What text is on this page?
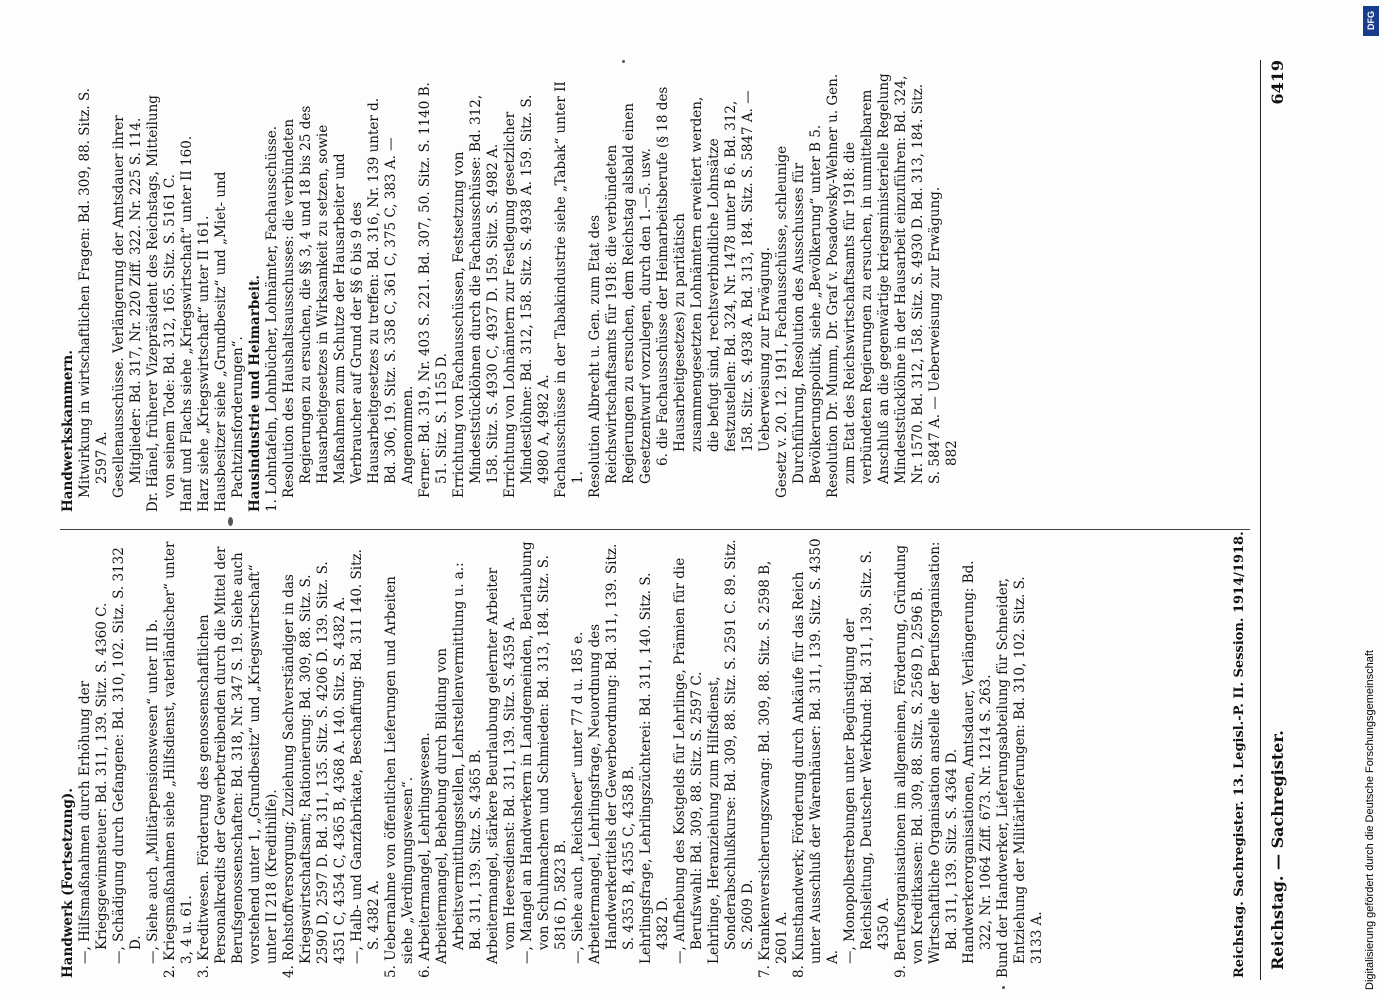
Reichstag. — Sachregister.
6419

Handwerk (Fortsetzung). —, Hilfsmaßnahmen durch Erhöhung der Kriegsgewinnsteuer: Bd. 311, 139. Sitz. S. 4360 C. —, Schädigung durch Gefangene: Bd. 310, 102. Sitz. S. 3132 D. —, Siehe auch „Militärpensionswesen“ unter III b. 2. Kriegsmaßnahmen siehe „Hilfsdienst, vaterländischer“ unter 3, 4 u. 61. 3. Kreditwesen. Förderung des genossenschaftlichen Personalkredits der Gewerbetreibenden durch die Mittel der Berufsgenossenschaften: Bd. 318, Nr. 347 S. 19. Siehe auch vorstehend unter 1, „Grundbesitz“ und „Kriegswirtschaft“ unter II 218 (Kredithilfe). 4. Rohstoffversorgung; Zuziehung Sachverständiger in das Kriegswirtschaftsamt; Rationierung: Bd. 309, 88. Sitz. S. 2590 D, 2597 D. Bd. 311, 135. Sitz. S. 4206 D. 139. Sitz. S. 4351 C, 4354 C, 4365 B, 4368 A. 140. Sitz. S. 4382 A. —, Halb- und Ganzfabrikate, Beschaffung: Bd. 311 140. Sitz. S. 4382 A. 5. Uebernahme von öffentlichen Lieferungen und Arbeiten siehe „Verdingungswesen“. 6. Arbeitermangel, Lehrlingswesen. Arbeitermangel, Behebung durch Bildung von Arbeitsvermittlungsstellen, Lehrstellenvermittlung u. a.: Bd. 311, 139. Sitz. S. 4365 B. Arbeitermangel, stärkere Beurlaubung gelernter Arbeiter vom Heeresdienst: Bd. 311, 139. Sitz. S. 4359 A. —, Mangel an Handwerkern in Landgemeinden, Beurlaubung von Schuhmachern und Schmieden: Bd. 313, 184. Sitz. S. 5816 D, 5823 B. —, Siehe auch „Reichsheer“ unter 77 d u. 185 e. Arbeitermangel, Lehrlingsfrage, Neuordnung des Handwerkertitels der Gewerbeordnung: Bd. 311, 139. Sitz. S. 4353 B, 4355 C, 4358 B. Lehrlingsfrage, Lehrlingszüchterei: Bd. 311, 140. Sitz. S. 4382 D. —, Aufhebung des Kostgelds für Lehrlinge, Prämien für die Berufswahl: Bd. 309, 88. Sitz. S. 2597 C. Lehrlinge, Heranziehung zum Hilfsdienst, Sonderabschlußkurse: Bd. 309, 88. Sitz. S. 2591 C. 89. Sitz. S. 2609 D. 7. Krankenversicherungszwang: Bd. 309, 88. Sitz. S. 2598 B, 2601 A. 8. Kunsthandwerk; Förderung durch Ankäufe für das Reich unter Ausschluß der Warenhäuser: Bd. 311, 139. Sitz. S. 4350 A. —, Monopolbestrebungen unter Begünstigung der Reichsleitung, Deutscher Werkbund: Bd. 311, 139. Sitz. S. 4350 A. 9. Berufsorganisationen im allgemeinen, Förderung, Gründung von Kreditkassen: Bd. 309, 88. Sitz. S. 2569 D, 2596 B. Wirtschaftliche Organisation anstelle der Berufsorganisation: Bd. 311, 139. Sitz. S. 4364 D. Handwerkerorganisationen, Amtsdauer, Verlängerung: Bd. 322, Nr. 1064 Ziff. 673. Nr. 1214 S. 263. Bund der Handwerker, Lieferungsabteilung für Schneider, Entziehung der Militärlieferungen: Bd. 310, 102. Sitz. S. 3133 A.

Handwerkskammern. Mitwirkung in wirtschaftlichen Fragen: Bd. 309, 88. Sitz. S. 2597 A. Gesellenausschüsse. Verlängerung der Amtsdauer ihrer Mitglieder: Bd. 317, Nr. 220 Ziff. 322. Nr. 225 S. 114. Dr. Hänel, früherer Vizepräsident des Reichstags, Mitteilung von seinem Tode: Bd. 312, 165. Sitz. S. 5161 C. Hanf und Flachs siehe „Kriegswirtschaft“ unter II 160. Harz siehe „Kriegswirtschaft“ unter II 161. Hausbesitzer siehe „Grundbesitz“ und „Miet- und Pachtzinsforderungen“. Hausindustrie und Heimarbeit. 1. Lohntafeln, Lohnbücher, Lohnämter, Fachausschüsse. Resolution des Haushaltsausschusses: die verbündeten Regierungen zu ersuchen, die §§ 3, 4 und 18 bis 25 des Hausarbeitgesetzes in Wirksamkeit zu setzen, sowie Maßnahmen zum Schutze der Hausarbeiter und Verbraucher auf Grund der §§ 6 bis 9 des Hausarbeitgesetzes zu treffen: Bd. 316, Nr. 139 unter d. Bd. 306, 19. Sitz. S. 358 C, 361 C, 375 C, 383 A. — Angenommen. Ferner: Bd. 319, Nr. 403 S. 221. Bd. 307, 50. Sitz. S. 1140 B. 51. Sitz. S. 1155 D. Errichtung von Fachausschüssen, Festsetzung von Mindeststücklöhnen durch die Fachausschüsse: Bd. 312, 158. Sitz. S. 4930 C, 4937 D. 159. Sitz. S. 4982 A. Errichtung von Lohnämtern zur Festlegung gesetzlicher Mindestlöhne: Bd. 312, 158. Sitz. S. 4938 A. 159. Sitz. S. 4980 A, 4982 A. Fachausschüsse in der Tabakindustrie siehe „Tabak“ unter II 1. Resolution Albrecht u. Gen. zum Etat des Reichswirtschaftsamts für 1918: die verbündeten Regierungen zu ersuchen, dem Reichstag alsbald einen Gesetzentwurf vorzulegen, durch den 1.—5. usw. 6. die Fachausschüsse der Heimarbeitsberufe (§ 18 des Hausarbeitgesetzes) zu paritätisch zusammengesetzten Lohnämtern erweitert werden, die befugt sind, rechtsverbindliche Lohnsätze festzustellen: Bd. 324, Nr. 1478 unter B 6. Bd. 312, 158. Sitz. S. 4938 A. Bd. 313, 184. Sitz. S. 5847 A. — Ueberweisung zur Erwägung. Gesetz v. 20. 12. 1911, Fachausschüsse, schleunige Durchführung, Resolution des Ausschusses für Bevölkerungspolitik, siehe „Bevölkerung“ unter B 5. Resolution Dr. Mumm, Dr. Graf v. Posadowsky-Wehner u. Gen. zum Etat des Reichswirtschaftsamts für 1918: die verbündeten Regierungen zu ersuchen, in unmittelbarem Anschluß an die gegenwärtige kriegsministerielle Regelung Mindeststücklöhne in der Hausarbeit einzuführen: Bd. 324, Nr. 1570. Bd. 312, 158. Sitz. S. 4930 D. Bd. 313, 184. Sitz. S. 5847 A. — Ueberweisung zur Erwägung. 882

Reichstag. Sachregister. 13. Legisl.-P. II. Session. 1914/1918.
DFG
Digitalisierung gefördert durch die Deutsche Forschungsgemeinschaft
